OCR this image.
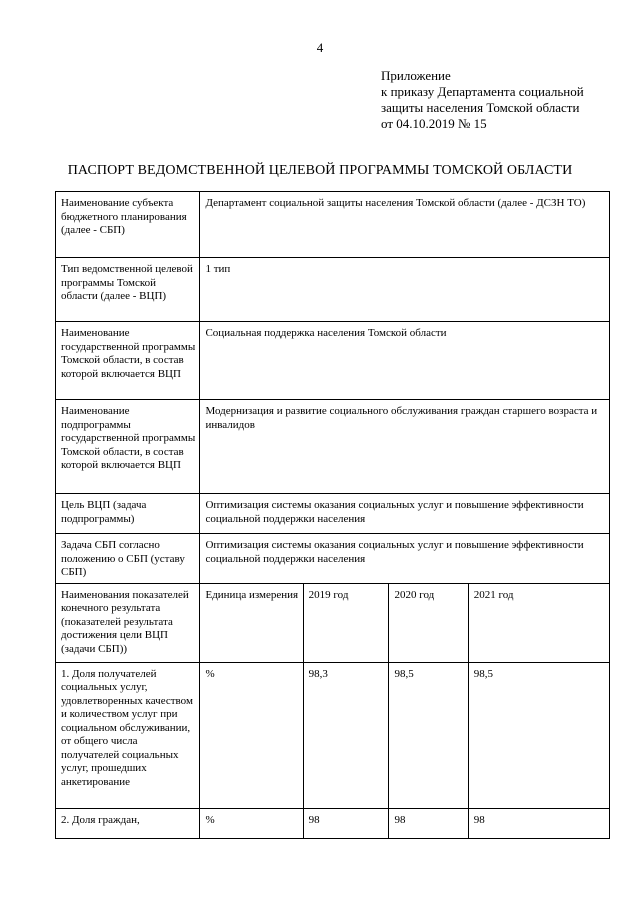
4
Приложение
к приказу Департамента социальной
защиты населения Томской области
от 04.10.2019 № 15
ПАСПОРТ ВЕДОМСТВЕННОЙ ЦЕЛЕВОЙ ПРОГРАММЫ ТОМСКОЙ ОБЛАСТИ
Наименование субъекта бюджетного планирования (далее - СБП)	Департамент социальной защиты населения Томской области (далее - ДСЗН ТО)			
Тип ведомственной целевой программы Томской области (далее - ВЦП)	1 тип			
Наименование государственной программы Томской области, в состав которой включается ВЦП	Социальная поддержка населения Томской области			
Наименование подпрограммы государственной программы Томской области, в состав которой включается ВЦП	Модернизация и развитие социального обслуживания граждан старшего возраста и инвалидов			
Цель ВЦП (задача подпрограммы)	Оптимизация системы оказания социальных услуг и повышение эффективности социальной поддержки населения			
Задача СБП согласно положению о СБП (уставу СБП)	Оптимизация системы оказания социальных услуг и повышение эффективности социальной поддержки населения			
Наименования показателей конечного результата (показателей результата достижения цели ВЦП (задачи СБП))	Единица измерения	2019 год	2020 год	2021 год
1. Доля получателей социальных услуг, удовлетворенных качеством и количеством услуг при социальном обслуживании, от общего числа получателей социальных услуг, прошедших анкетирование	%	98,3	98,5	98,5
2. Доля граждан,	%	98	98	98
